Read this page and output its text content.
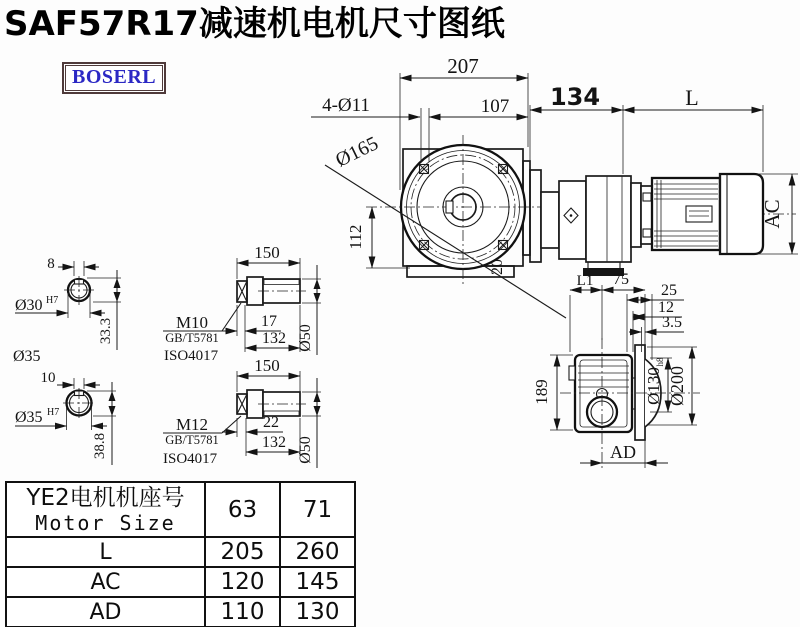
SAF57R17减速机电机尺寸图纸
BOSERL	207
107
4-Ø11
Ø165
112
20
134	L
AC
189	Ø130
h8
Ø200
L1 75
25
12
3.5
AD
8
Ø30 H7
33.3
Ø35
10
Ø35 H7
38.8
150
17
132 Ø50
M10
GB/T5781
ISO4017 150
22
132 Ø50
M12
GB/T5781
ISO4017
YE2电机机座号
Motor Size	63	71
L	205	260
AC	120	145
AD	110	130
